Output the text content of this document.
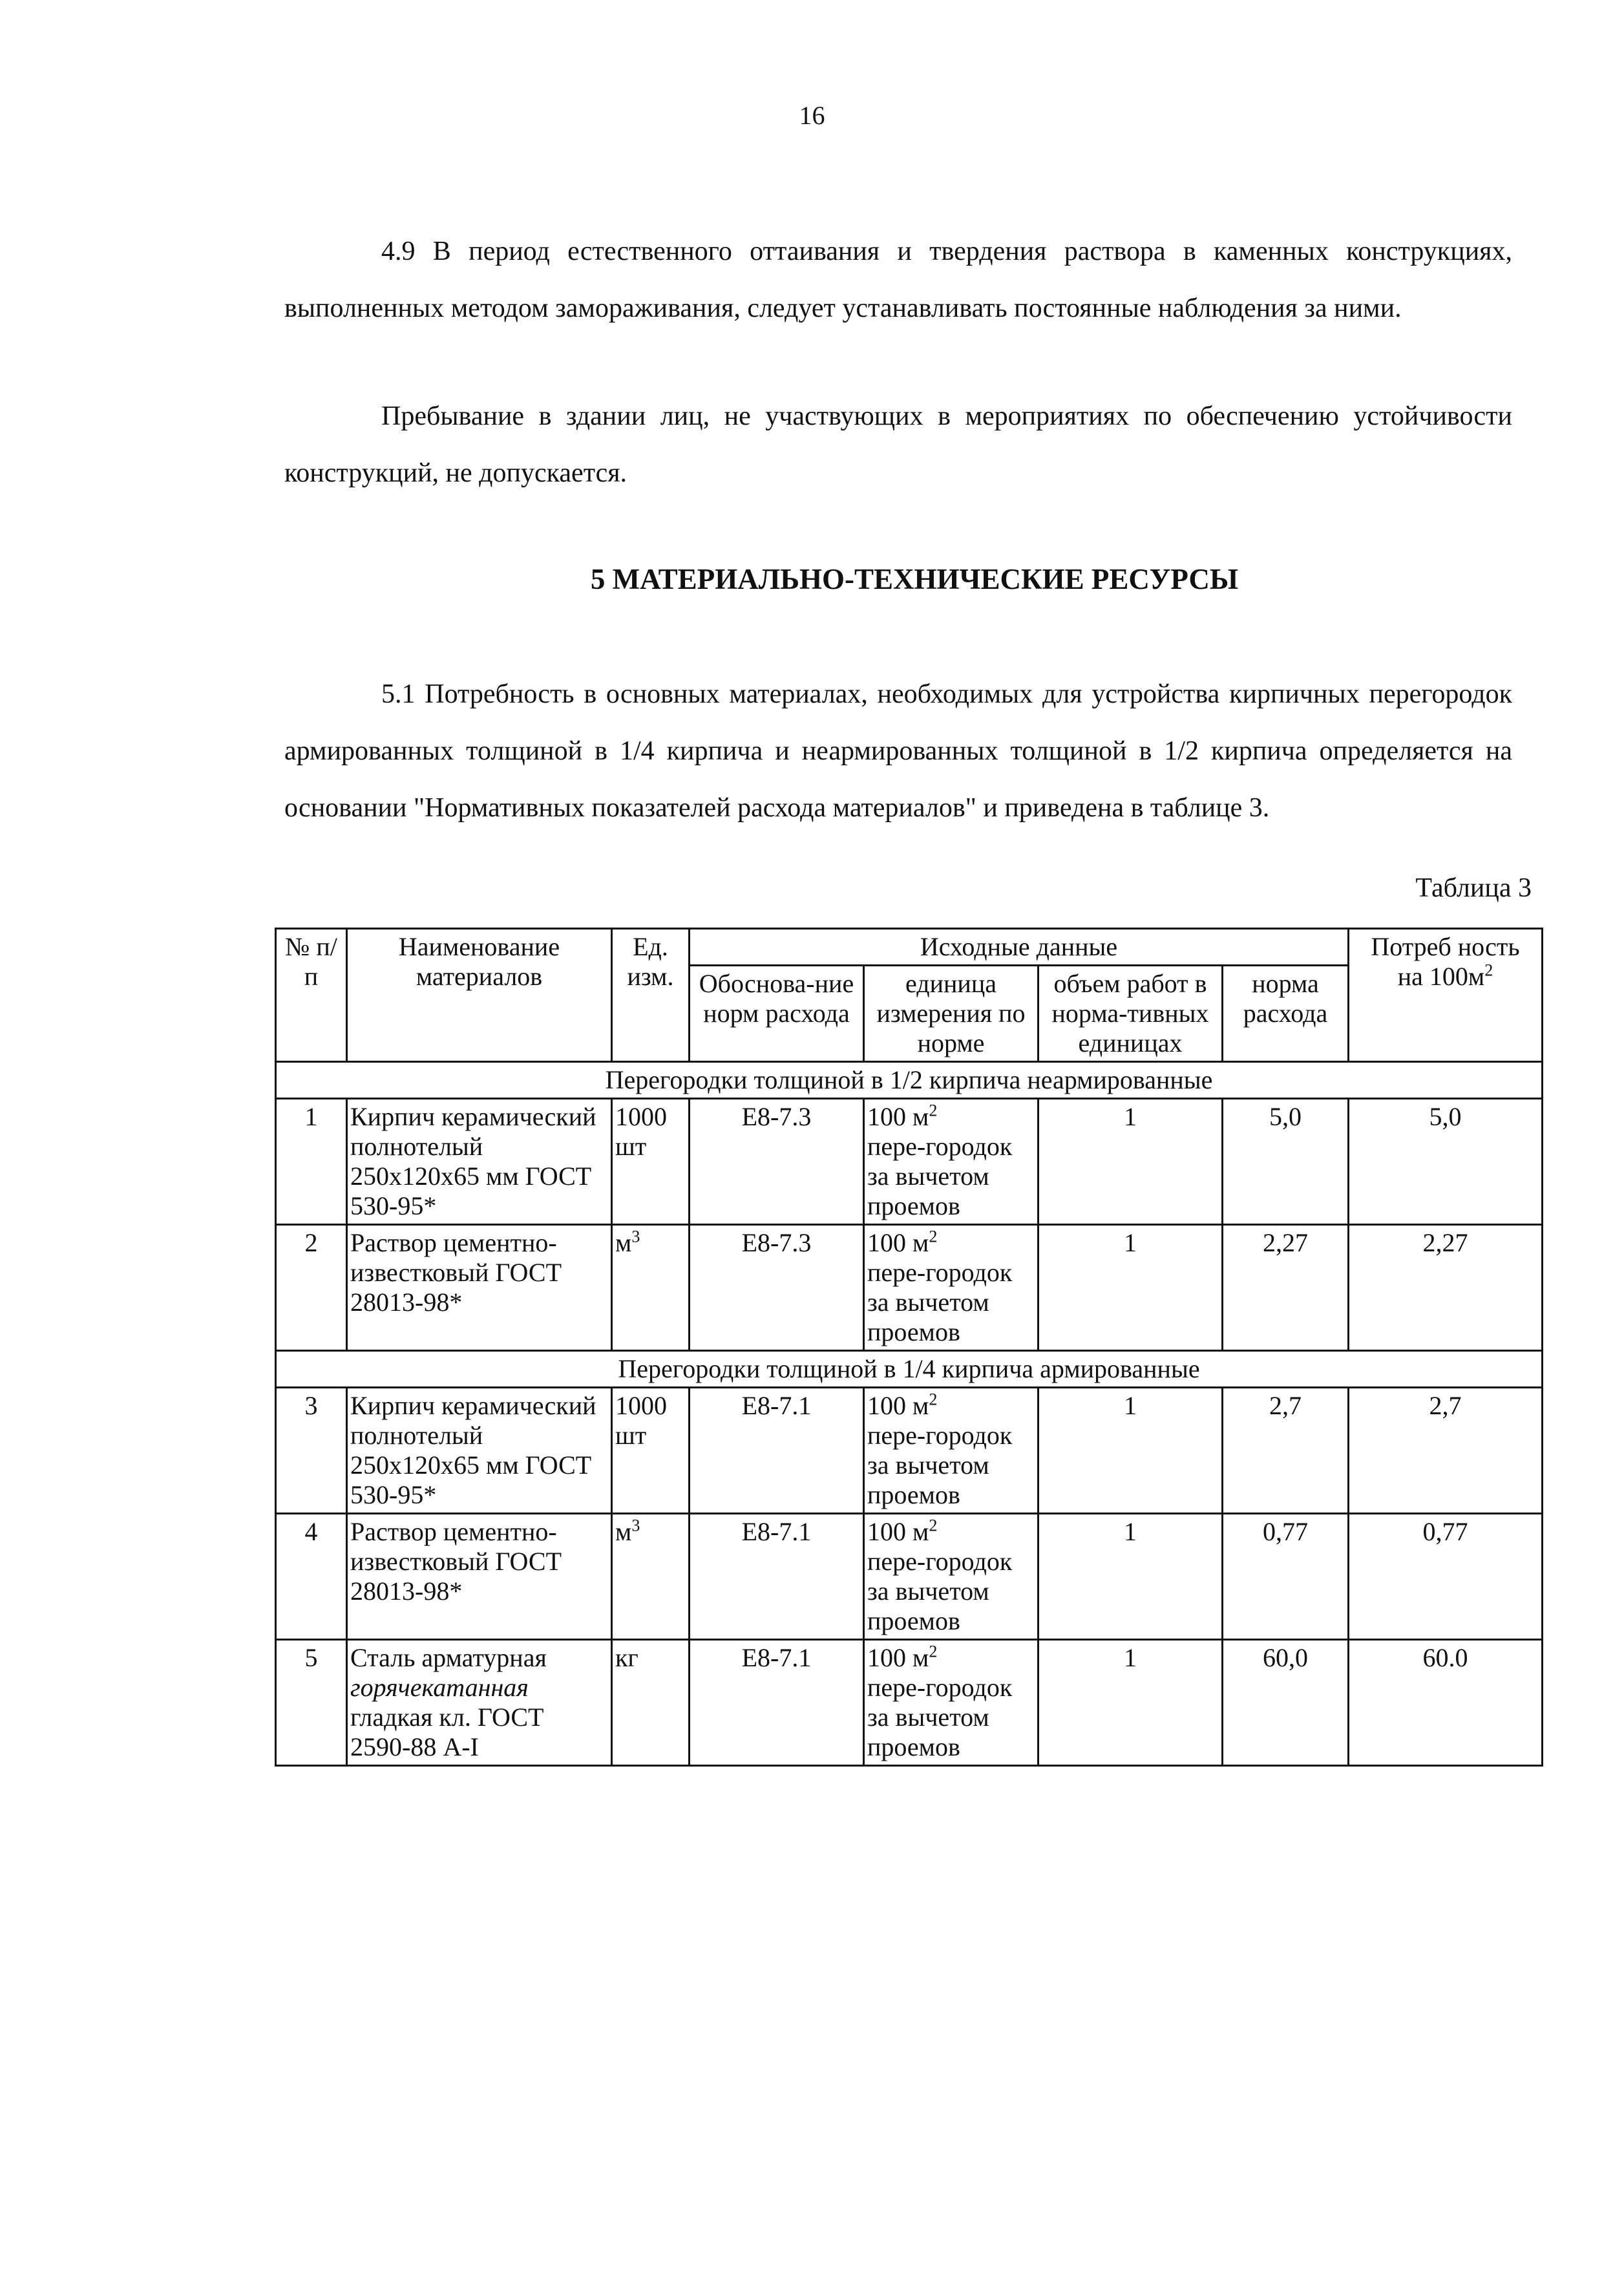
16

4.9 В период естественного оттаивания и твердения раствора в каменных конструкциях, выполненных методом замораживания, следует устанавливать постоянные наблюдения за ними.

Пребывание в здании лиц, не участвующих в мероприятиях по обеспечению устойчивости конструкций, не допускается.

5 МАТЕРИАЛЬНО-ТЕХНИЧЕСКИЕ РЕСУРСЫ

5.1 Потребность в основных материалах, необходимых для устройства кирпичных перегородок армированных толщиной в 1/4 кирпича и неармированных толщиной в 1/2 кирпича определяется на основании "Нормативных показателей расхода материалов" и приведена в таблице 3.

Таблица 3
№ п/п	Наименование материалов	Ед. изм.	Исходные данные				Потреб ность
на $100м^2$
			Обоснова-ние норм расхода	единица измерения по норме	объем работ в норма-тивных единицах	норма расхода	
Перегородки толщиной в 1/2 кирпича неармированные							
1	Кирпич керамический полнотелый 250х120х65 мм ГОСТ 530-95*	1000 шт	Е8-7.3	100 $м^2$
пере-городок за вычетом проемов	1	5,0	5,0
2	Раствор цементно-известковый ГОСТ 28013-98*	$м^3$	Е8-7.3	100 $м^2$
пере-городок за вычетом проемов	1	2,27	2,27
Перегородки толщиной в 1/4 кирпича армированные							
3	Кирпич керамический полнотелый 250х120х65 мм ГОСТ 530-95*	1000 шт	Е8-7.1	100 $м^2$
пере-городок за вычетом проемов	1	2,7	2,7
4	Раствор цементно-известковый ГОСТ 28013-98*	$м^3$	Е8-7.1	100 $м^2$
пере-городок за вычетом проемов	1	0,77	0,77
5	Сталь арматурная горячекатанная гладкая кл. ГОСТ 2590-88 А-I	кг	Е8-7.1	100 $м^2$
пере-городок за вычетом проемов	1	60,0	60.0
